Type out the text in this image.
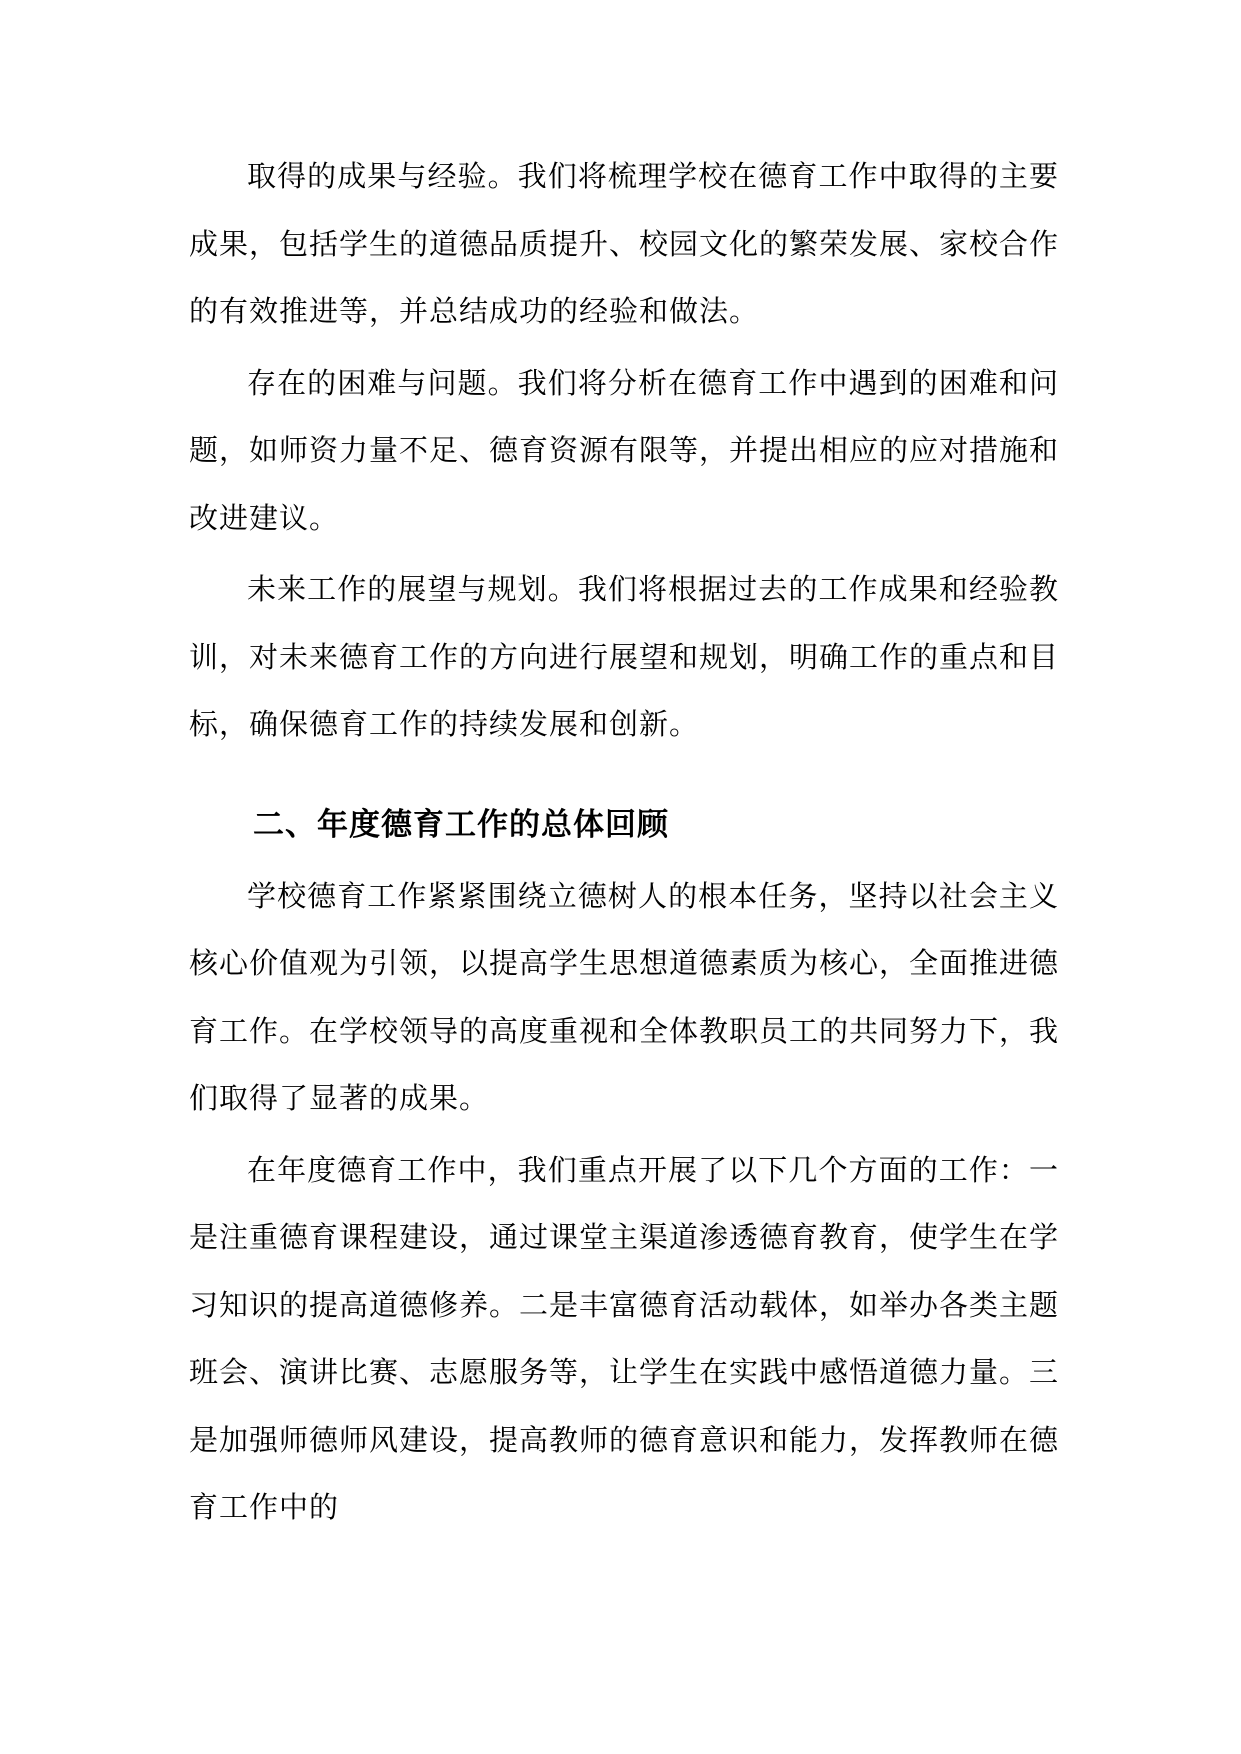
取得的成果与经验。我们将梳理学校在德育工作中取得的主要成果，包括学生的道德品质提升、校园文化的繁荣发展、家校合作的有效推进等，并总结成功的经验和做法。

存在的困难与问题。我们将分析在德育工作中遇到的困难和问题，如师资力量不足、德育资源有限等，并提出相应的应对措施和改进建议。

未来工作的展望与规划。我们将根据过去的工作成果和经验教训，对未来德育工作的方向进行展望和规划，明确工作的重点和目标，确保德育工作的持续发展和创新。

二、年度德育工作的总体回顾

学校德育工作紧紧围绕立德树人的根本任务，坚持以社会主义核心价值观为引领，以提高学生思想道德素质为核心，全面推进德育工作。在学校领导的高度重视和全体教职员工的共同努力下，我们取得了显著的成果。

在年度德育工作中，我们重点开展了以下几个方面的工作：一是注重德育课程建设，通过课堂主渠道渗透德育教育，使学生在学习知识的提高道德修养。二是丰富德育活动载体，如举办各类主题班会、演讲比赛、志愿服务等，让学生在实践中感悟道德力量。三是加强师德师风建设，提高教师的德育意识和能力，发挥教师在德育工作中的
